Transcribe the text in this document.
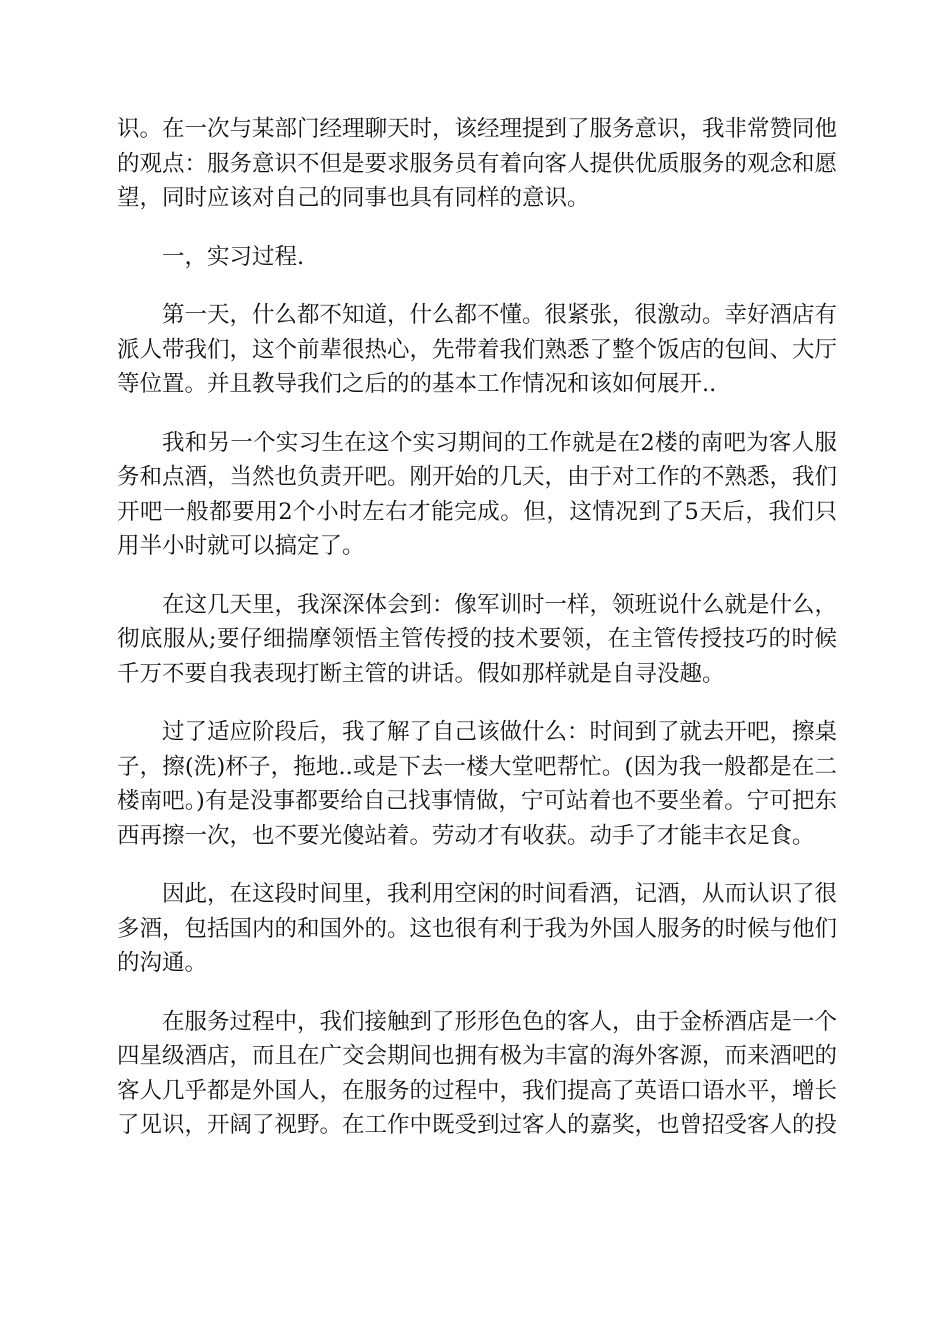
识。在一次与某部门经理聊天时，该经理提到了服务意识，我非常赞同他的观点：服务意识不但是要求服务员有着向客人提供优质服务的观念和愿望，同时应该对自己的同事也具有同样的意识。

一，实习过程.

第一天，什么都不知道，什么都不懂。很紧张，很激动。幸好酒店有派人带我们，这个前辈很热心，先带着我们熟悉了整个饭店的包间、大厅等位置。并且教导我们之后的的基本工作情况和该如何展开..

我和另一个实习生在这个实习期间的工作就是在2楼的南吧为客人服务和点酒，当然也负责开吧。刚开始的几天，由于对工作的不熟悉，我们开吧一般都要用2个小时左右才能完成。但，这情况到了5天后，我们只用半小时就可以搞定了。

在这几天里，我深深体会到：像军训时一样，领班说什么就是什么，彻底服从;要仔细揣摩领悟主管传授的技术要领，在主管传授技巧的时候千万不要自我表现打断主管的讲话。假如那样就是自寻没趣。

过了适应阶段后，我了解了自己该做什么：时间到了就去开吧，擦桌子，擦(洗)杯子，拖地..或是下去一楼大堂吧帮忙。(因为我一般都是在二楼南吧。)有是没事都要给自己找事情做，宁可站着也不要坐着。宁可把东西再擦一次，也不要光傻站着。劳动才有收获。动手了才能丰衣足食。

因此，在这段时间里，我利用空闲的时间看酒，记酒，从而认识了很多酒，包括国内的和国外的。这也很有利于我为外国人服务的时候与他们的沟通。

在服务过程中，我们接触到了形形色色的客人，由于金桥酒店是一个四星级酒店，而且在广交会期间也拥有极为丰富的海外客源，而来酒吧的客人几乎都是外国人，在服务的过程中，我们提高了英语口语水平，增长了见识，开阔了视野。在工作中既受到过客人的嘉奖，也曾招受客人的投
